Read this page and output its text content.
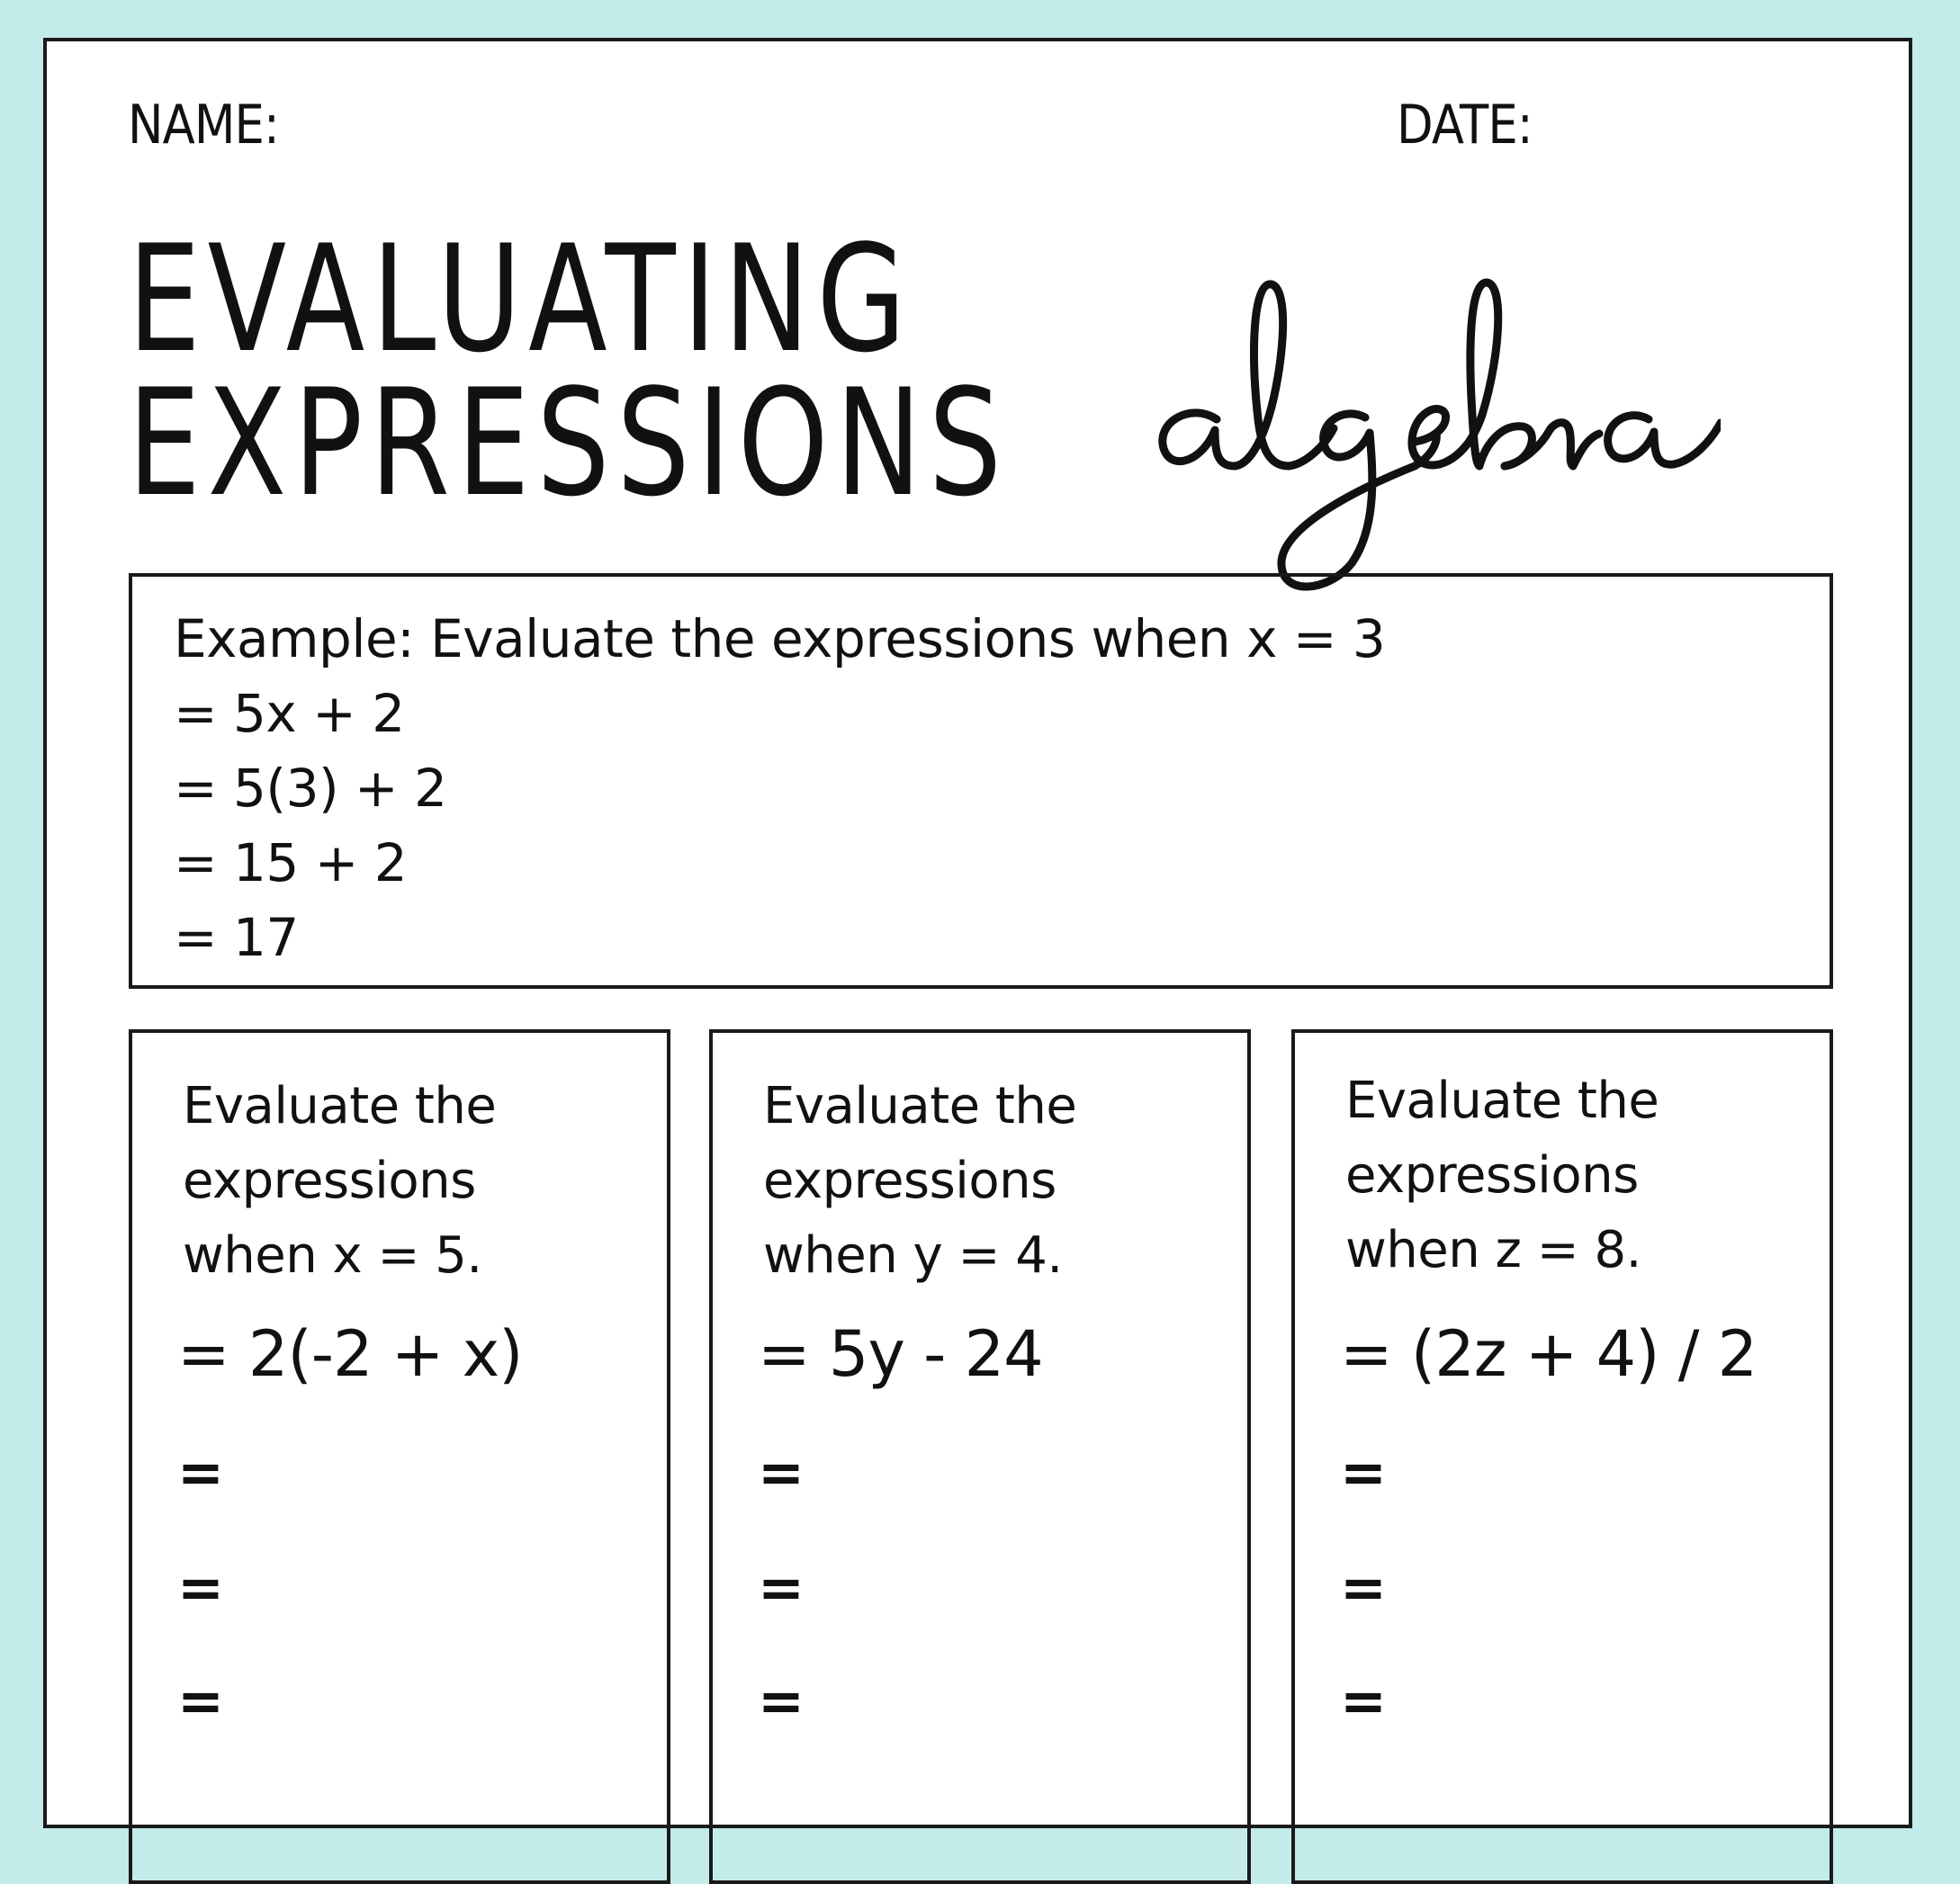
NAME:	DATE:
EVALUATING
EXPRESSIONS
Example: Evaluate the expressions when x = 3
= 5x + 2
= 5(3) + 2
= 15 + 2
= 17
Evaluate the
expressions
when x = 5.
= 2(-2 + x)
=
=
=
Evaluate the
expressions
when y = 4.
= 5y - 24
=
=
=
Evaluate the
expressions
when z = 8.
= (2z + 4) / 2
=
=
=
